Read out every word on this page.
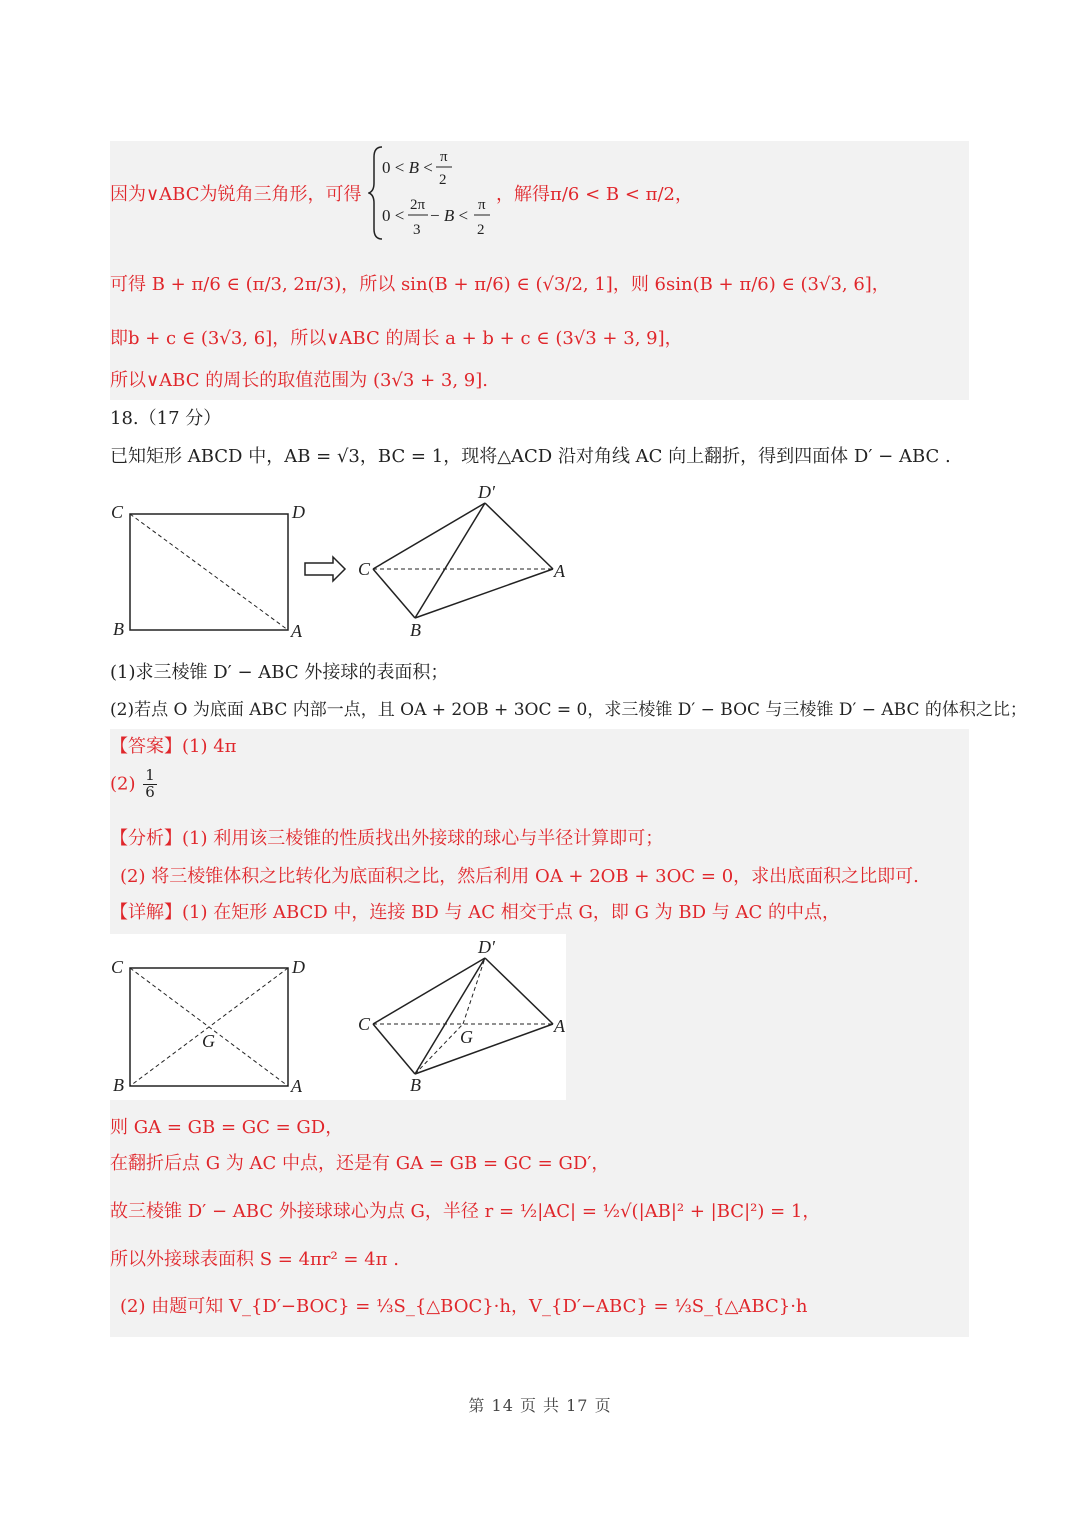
因为∨ABC为锐角三角形，可得
0 < B <
π
2
0 <
2π
3
− B <
π
2
，解得π/6 < B < π/2，
可得 B + π/6 ∈ (π/3, 2π/3)，所以 sin(B + π/6) ∈ (√3/2, 1]，则 6sin(B + π/6) ∈ (3√3, 6]，
即b + c ∈ (3√3, 6]，所以∨ABC 的周长 a + b + c ∈ (3√3 + 3, 9]，
所以∨ABC 的周长的取值范围为 (3√3 + 3, 9].
18.（17 分）
已知矩形 ABCD 中，AB = √3，BC = 1，现将△ACD 沿对角线 AC 向上翻折，得到四面体 D′ − ABC .
C	D
B	A
D′
C	A
B
(1)求三棱锥 D′ − ABC 外接球的表面积；
(2)若点 O 为底面 ABC 内部一点，且 OA + 2OB + 3OC = 0，求三棱锥 D′ − BOC 与三棱锥 D′ − ABC 的体积之比；
【答案】(1) 4π
$(2) \frac{1}{6}$
【分析】(1) 利用该三棱锥的性质找出外接球的球心与半径计算即可；
(2) 将三棱锥体积之比转化为底面积之比，然后利用 OA + 2OB + 3OC = 0，求出底面积之比即可.
【详解】(1) 在矩形 ABCD 中，连接 BD 与 AC 相交于点 G，即 G 为 BD 与 AC 的中点，
C	D
B	A
G
D′
C	A
B
G
则 GA = GB = GC = GD，
在翻折后点 G 为 AC 中点，还是有 GA = GB = GC = GD′，
故三棱锥 D′ − ABC 外接球球心为点 G，半径 r = ½|AC| = ½√(|AB|² + |BC|²) = 1，
所以外接球表面积 S = 4πr² = 4π .
(2) 由题可知 V_{D′−BOC} = ⅓S_{△BOC}·h，V_{D′−ABC} = ⅓S_{△ABC}·h
第 14 页 共 17 页
